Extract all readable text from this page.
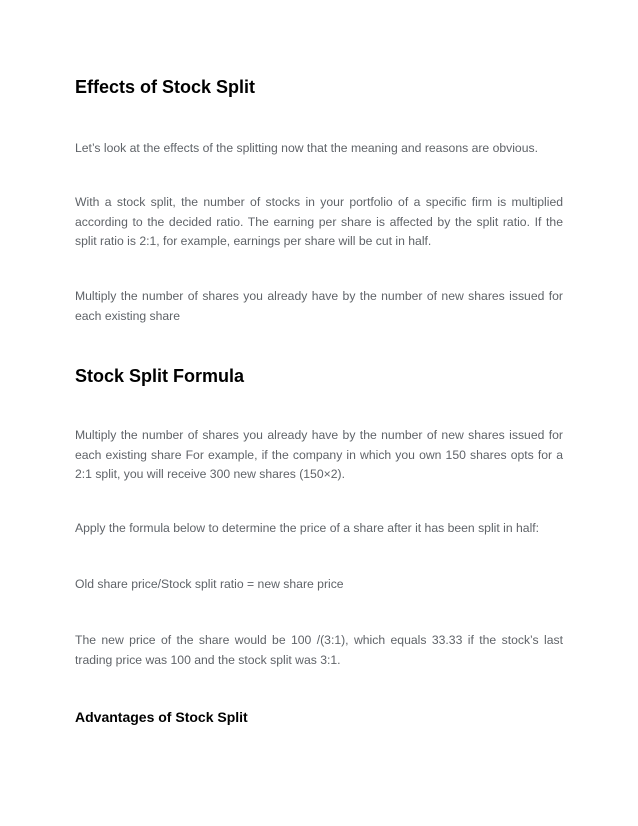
Effects of Stock Split

Let’s look at the effects of the splitting now that the meaning and reasons are obvious.

With a stock split, the number of stocks in your portfolio of a specific firm is multiplied according to the decided ratio. The earning per share is affected by the split ratio. If the split ratio is 2:1, for example, earnings per share will be cut in half.

Multiply the number of shares you already have by the number of new shares issued for each existing share

Stock Split Formula

Multiply the number of shares you already have by the number of new shares issued for each existing share For example, if the company in which you own 150 shares opts for a 2:1 split, you will receive 300 new shares (150×2).

Apply the formula below to determine the price of a share after it has been split in half:

Old share price/Stock split ratio = new share price

The new price of the share would be 100 /(3:1), which equals 33.33 if the stock’s last trading price was 100 and the stock split was 3:1.

Advantages of Stock Split
